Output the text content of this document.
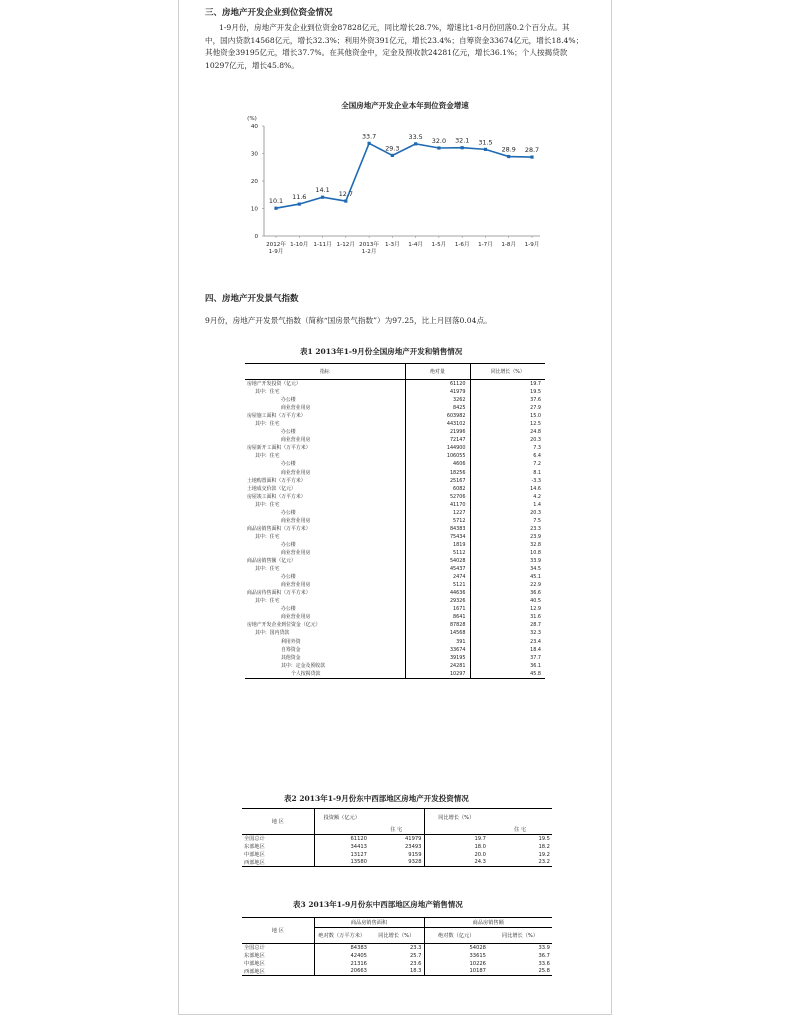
三、房地产开发企业到位资金情况
1-9月份，房地产开发企业到位资金87828亿元，同比增长28.7%，增速比1-8月份回落0.2个百分点。其
中，国内贷款14568亿元，增长32.3%；利用外资391亿元，增长23.4%；自筹资金33674亿元，增长18.4%；
其他资金39195亿元，增长37.7%。在其他资金中，定金及预收款24281亿元，增长36.1%；个人按揭贷款
10297亿元，增长45.8%。
全国房地产开发企业本年到位资金增速
(%)
0
10
20
30
40
2012年
1-9月
1-10月 1-11月 1-12月 2013年
1-2月
1-3月 1-4月 1-5月 1-6月 1-7月 1-8月 1-9月
10.1
11.6
14.1 12.7
33.7
29.3
33.5
32.0 32.1 31.5
28.9 28.7
四、房地产开发景气指数
9月份，房地产开发景气指数（简称“国房景气指数”）为97.25，比上月回落0.04点。
表1 2013年1-9月份全国房地产开发和销售情况
指标	绝对量	同比增长（%）
房地产开发投资（亿元）	61120	19.7
其中：住宅	41979	19.5
办公楼	3262	37.6
商业营业用房	8425	27.9
房屋施工面积（万平方米）	603982	15.0
其中：住宅	443102	12.5
办公楼	21996	24.8
商业营业用房	72147	20.3
房屋新开工面积（万平方米）	144900	7.3
其中：住宅	106055	6.4
办公楼	4606	7.2
商业营业用房	18256	8.1
土地购置面积（万平方米）	25167	-3.3
土地成交价款（亿元）	6082	14.6
房屋竣工面积（万平方米）	52706	4.2
其中：住宅	41170	1.4
办公楼	1227	20.3
商业营业用房	5712	7.5
商品房销售面积（万平方米）	84383	23.3
其中：住宅	75434	23.9
办公楼	1819	32.8
商业营业用房	5112	10.8
商品房销售额（亿元）	54028	33.9
其中：住宅	45437	34.5
办公楼	2474	45.1
商业营业用房	5121	22.9
商品房待售面积（万平方米）	44636	36.6
其中：住宅	29326	40.5
办公楼	1671	12.9
商业营业用房	8641	31.6
房地产开发企业到位资金（亿元）	87828	28.7
其中：国内贷款	14568	32.3
利用外资	391	23.4
自筹资金	33674	18.4
其他资金	39195	37.7
其中：定金及预收款	24281	36.1
个人按揭贷款	10297	45.8
表2 2013年1-9月份东中西部地区房地产开发投资情况
地 区	投资额（亿元）		同比增长（%）	
		住 宅		住 宅
全国总计	61120	41979	19.7	19.5
东部地区	34413	23493	18.0	18.2
中部地区	13127	9159	20.0	19.2
西部地区	13580	9328	24.3	23.2
表3 2013年1-9月份东中西部地区房地产销售情况
地 区	商品房销售面积		商品房销售额	
	绝对数（万平方米）	同比增长（%）	绝对数（亿元）	同比增长（%）
全国总计	84383	23.3	54028	33.9
东部地区	42405	25.7	33615	36.7
中部地区	21316	23.6	10226	33.6
西部地区	20663	18.3	10187	25.8
